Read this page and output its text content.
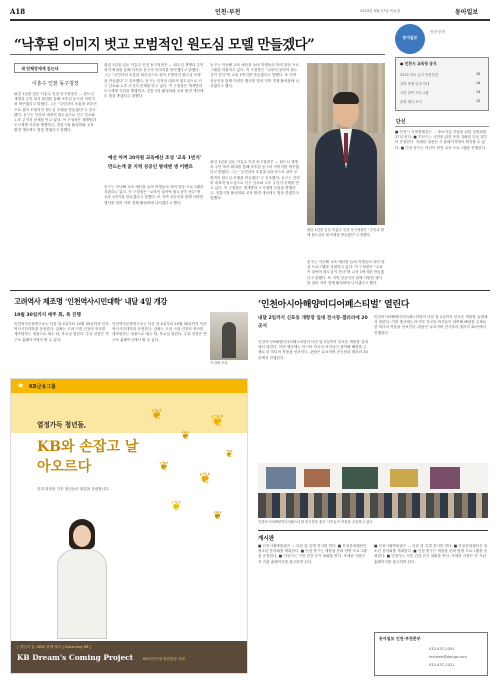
A18	인천·부천	2015년 5월 27일 목요일	동아일보
“낙후된 이미지 벗고 모범적인 원도심 모델 만들겠다”
새 단체장에게 듣는다
이흥수 인천 동구청장
취임 1년을 앞둔 이흥수 인천 동구청장은 … 원도심 재생과 주민 복지 확대를 통해 낙후된 동구의 이미지를 바꾸겠다고 밝혔다. 그는 “주민과의 소통을 최우선으로 삼아 모범적인 원도심 모델을 만들겠다”고 강조했다. 동구는 인천의 대표적 원도심으로 인구 감소와 노후 주거지 문제를 안고 있다. 이 구청장은 재개발과 도시재생 사업을 병행하고, 전통시장 활성화와 교육 환경 개선에도 힘을 쏟겠다고 말했다.
취임 1년을 앞둔 이흥수 인천 동구청장은 … 원도심 재생과 주민 복지 확대를 통해 낙후된 동구의 이미지를 바꾸겠다고 밝혔다. 그는 “주민과의 소통을 최우선으로 삼아 모범적인 원도심 모델을 만들겠다”고 강조했다. 동구는 인천의 대표적 원도심으로 인구 감소와 노후 주거지 문제를 안고 있다. 이 구청장은 재개발과 도시재생 사업을 병행하고, 전통시장 활성화와 교육 환경 개선에도 힘을 쏟겠다고 말했다.
예산 아껴 20억원 교육예산 조성 ‘교육 1번지’ 만드는게 꿈 지역 상공인 방대엔 생 이벤트
동구는 지난해 교육 예산을 늘려 학생들의 학력 향상 프로그램을 지원하고 있다. 이 구청장은 “교육이 살아야 원도심이 산다”며 교육 1번지를 만들겠다고 말했다. 또 지역 상공인과 함께 다양한 행사를 열어 지역 경제 활성화에 나서겠다고 했다.
동구는 지난해 교육 예산을 늘려 학생들의 학력 향상 프로그램을 지원하고 있다. 이 구청장은 “교육이 살아야 원도심이 산다”며 교육 1번지를 만들겠다고 말했다. 또 지역 상공인과 함께 다양한 행사를 열어 지역 경제 활성화에 나서겠다고 했다.
취임 1년을 앞둔 이흥수 인천 동구청장은 … 원도심 재생과 주민 복지 확대를 통해 낙후된 동구의 이미지를 바꾸겠다고 밝혔다. 그는 “주민과의 소통을 최우선으로 삼아 모범적인 원도심 모델을 만들겠다”고 강조했다. 동구는 인천의 대표적 원도심으로 인구 감소와 노후 주거지 문제를 안고 있다. 이 구청장은 재개발과 도시재생 사업을 병행하고, 전통시장 활성화와 교육 환경 개선에도 힘을 쏟겠다고 말했다.
취임 1년을 앞둔 이흥수 인천 동구청장은 “주민과 함께 원도심의 새 모델을 만들겠다”고 말했다.
동구는 지난해 교육 예산을 늘려 학생들의 학력 향상 프로그램을 지원하고 있다. 이 구청장은 “교육이 살아야 원도심이 산다”며 교육 1번지를 만들겠다고 말했다. 또 지역 상공인과 함께 다양한 행사를 열어 지역 경제 활성화에 나서겠다고 했다.
동아일보
인천·부천
● 인천시 교육청 공지
2015 학교 급식 안전점검	15
지역 축제 일정 안내	14
시민 참여 프로그램	13
문화 행사 소식	12
단신
■ 인천시 지역경제과는 … 중소기업 지원을 위한 설명회를 27일 연다. ■ 부천시는 시민을 위한 문화 강좌를 다음 달부터 운영한다. 자세한 내용은 시 홈페이지에서 확인할 수 있다. ■ 인천 남구는 어린이 안전 교육 프로그램을 진행한다.
고려역사 재조명 ‘인천역사시민대학’ 내달 4일 개강
10월 30일까지 매주 화, 목 진행
인천역사문화연구소는 다음 달 4일부터 10월 30일까지 인천역사시민대학을 운영한다. 강좌는 고려 시대 인천의 역사를 재조명하는 내용으로 매주 화, 목요일 열린다. 수강 신청은 연구소 홈페이지에서 할 수 있다.
인천역사문화연구소는 다음 달 4일부터 10월 30일까지 인천역사시민대학을 운영한다. 강좌는 고려 시대 인천의 역사를 재조명하는 내용으로 매주 화, 목요일 열린다. 수강 신청은 연구소 홈페이지에서 할 수 있다.
가 강좌 모습
★ KB금융그룹
열정가득 청년들,
KB와 손잡고 날아오르다
꿈과 열정을 가진 청년들의 취업을 응원합니다.
❦
❦
❦
❦
❦
❦
❦
❦
[ 청년의 꿈, KB와 함께 날다 | Dreaming KB ]
KB Dream's Coming Project	KB국민은행 청년창업 지원
‘인천아시아해양미디어페스티벌’ 열린다
내달 2일까지 신포동 개항장 일대 전시장·갤러리에 20곳서
인천아시아해양미디어페스티벌이 다음 달 2일까지 신포동 개항장 일대에서 열린다. 이번 행사에는 아시아 각국의 작가들이 참여해 해양을 주제로 한 미디어 작품을 선보인다. 관람은 무료이며 전시장과 갤러리 20곳에서 진행된다.
인천아시아해양미디어페스티벌이 다음 달 2일까지 신포동 개항장 일대에서 열린다. 이번 행사에는 아시아 각국의 작가들이 참여해 해양을 주제로 한 미디어 작품을 선보인다. 관람은 무료이며 전시장과 갤러리 20곳에서 진행된다.
인천아시아해양미디어페스티벌 전시장을 찾은 시민들이 작품을 감상하고 있다.
게시판
■ 인천시립박물관은 … 다음 달 특별 전시를 연다. ■ 부천문화재단은 청소년 음악회를 개최한다. ■ 인천 중구는 개항장 문화 탐방 프로그램을 운영한다. ■ 인천시는 시민 건강 걷기 대회를 연다. 자세한 사항은 각 기관 홈페이지를 참고하면 된다.
■ 인천시립박물관은 … 다음 달 특별 전시를 연다. ■ 부천문화재단은 청소년 음악회를 개최한다. ■ 인천 중구는 개항장 문화 탐방 프로그램을 운영한다. ■ 인천시는 시민 건강 걷기 대회를 연다. 자세한 사항은 각 기관 홈페이지를 참고하면 된다.
동아일보 인천·부천본부
032-437-1001
incheon@donga.com
032-437-1021
